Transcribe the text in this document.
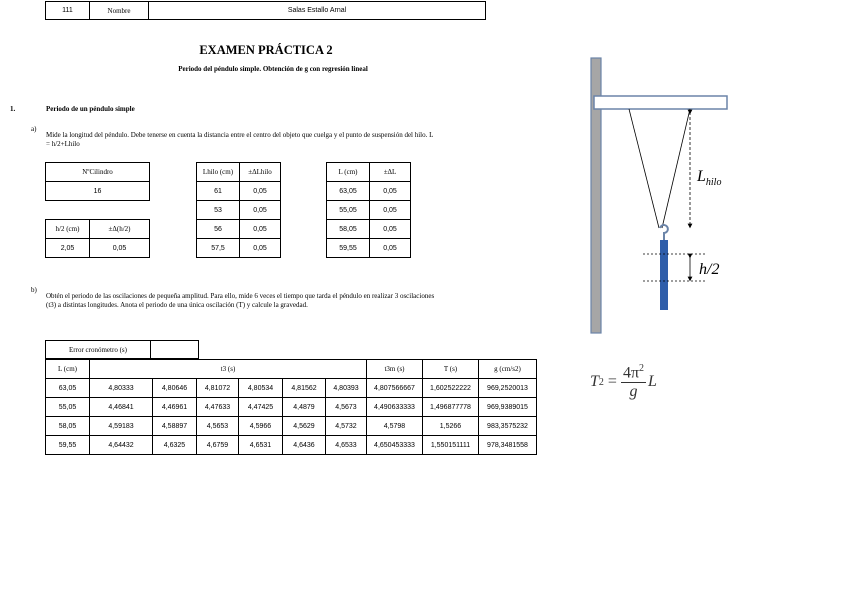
111	Nombre	Salas Estallo Arnal
EXAMEN PRÁCTICA 2
Periodo del péndulo simple. Obtención de g con regresión lineal
1.	Periodo de un péndulo simple
a)
Mide la longitud del péndulo. Debe tenerse en cuenta la distancia entre el centro del objeto que cuelga y el punto de suspensión del hilo. L
= h/2+Lhilo
NºCilindro
16
h/2 (cm)	±Δ(h/2)
2,05	0,05
Lhilo (cm)	±ΔLhilo
61	0,05
53	0,05
56	0,05
57,5	0,05
L (cm)	±ΔL
63,05	0,05
55,05	0,05
58,05	0,05
59,55	0,05
b)
Obtén el periodo de las oscilaciones de pequeña amplitud. Para ello, mide 6 veces el tiempo que tarda el péndulo en realizar 3 oscilaciones
(t3) a distintas longitudes. Anota el periodo de una única oscilación (T) y calcule la gravedad.
Error cronómetro (s)
L (cm)	t3 (s)						t3m (s)	T (s)	g (cm/s2)
63,05	4,80333	4,80646	4,81072	4,80534	4,81562	4,80393	4,807566667	1,602522222	969,2520013
55,05	4,46841	4,46961	4,47633	4,47425	4,4879	4,5673	4,490633333	1,496877778	969,9389015
58,05	4,59183	4,58897	4,5653	4,5966	4,5629	4,5732	4,5798	1,5266	983,3575232
59,55	4,64432	4,6325	4,6759	4,6531	4,6436	4,6533	4,650453333	1,550151111	978,3481558
$L_{hilo}$
h/2
T $2 = \frac{4\pi^2}{g}$ L
